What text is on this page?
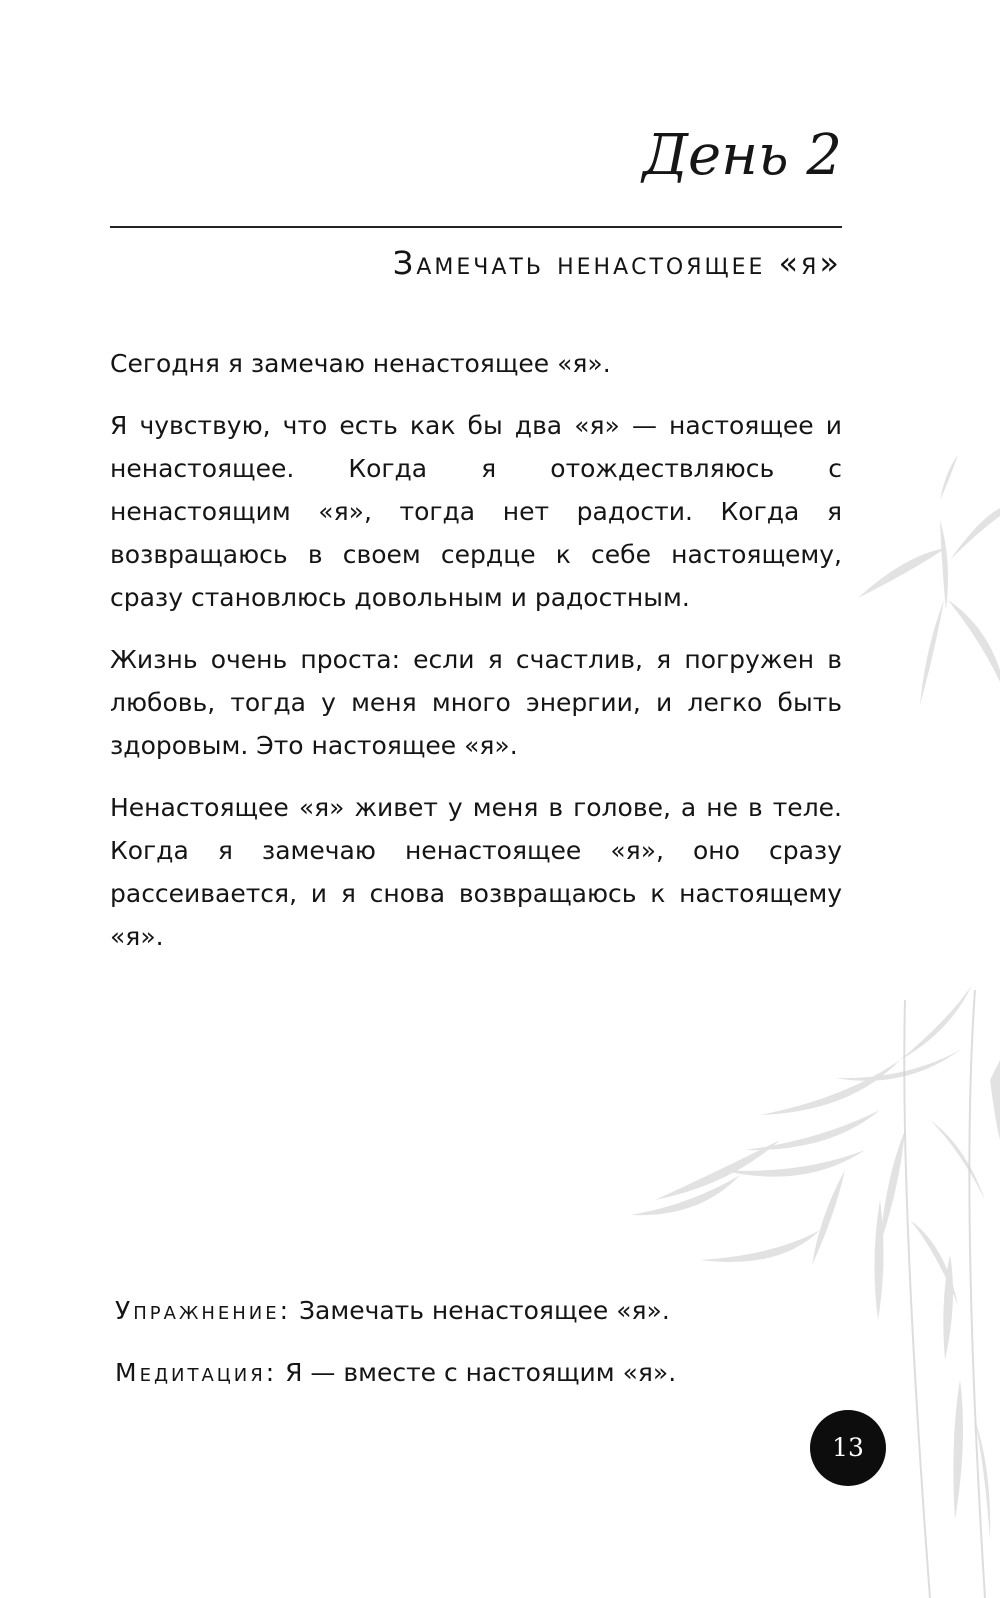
День 2
Замечать ненастоящее «я»

Сегодня я замечаю ненастоящее «я».

Я чувствую, что есть как бы два «я» — настоящее и ненастоящее. Когда я отождествляюсь с ненастоящим «я», тогда нет радости. Когда я возвращаюсь в своем сердце к себе настоящему, сразу становлюсь довольным и радостным.

Жизнь очень проста: если я счастлив, я погружен в любовь, тогда у меня много энергии, и легко быть здоровым. Это настоящее «я».

Ненастоящее «я» живет у меня в голове, а не в теле. Когда я замечаю ненастоящее «я», оно сразу рассеивается, и я снова возвращаюсь к настоящему «я».

Упражнение: Замечать ненастоящее «я».
Медитация: Я — вместе с настоящим «я».
13
